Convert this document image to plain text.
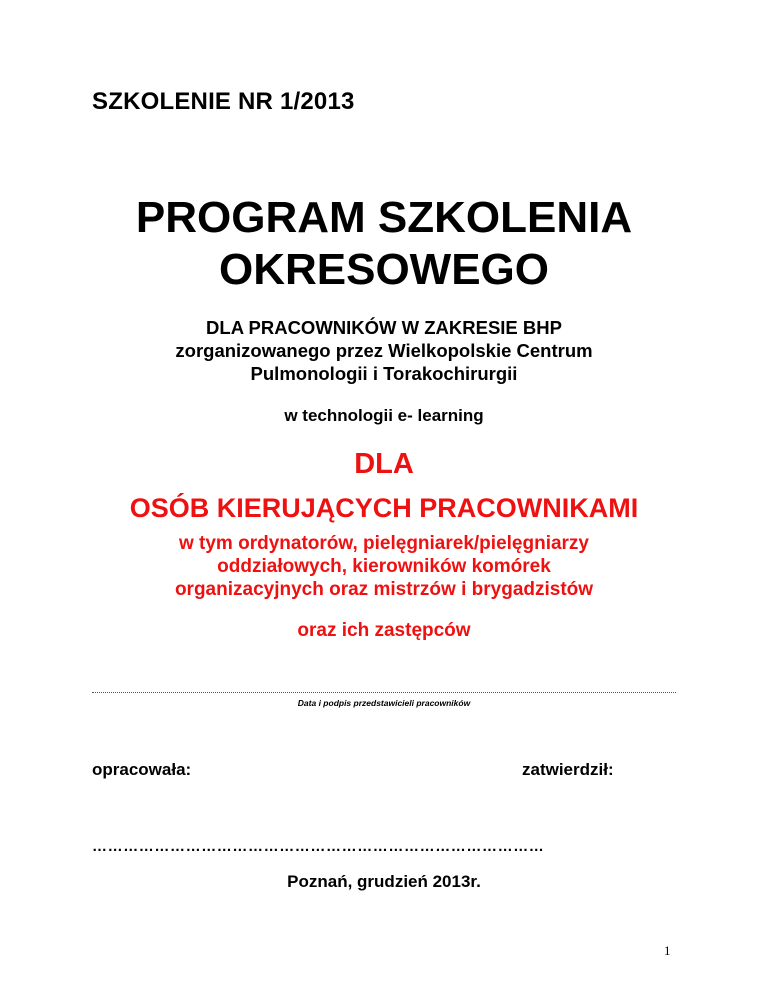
SZKOLENIE NR 1/2013
PROGRAM SZKOLENIA
OKRESOWEGO
DLA PRACOWNIKÓW W ZAKRESIE BHP
zorganizowanego przez Wielkopolskie Centrum
Pulmonologii i Torakochirurgii
w technologii e- learning
DLA
OSÓB KIERUJĄCYCH PRACOWNIKAMI
w tym ordynatorów, pielęgniarek/pielęgniarzy
oddziałowych, kierowników komórek
organizacyjnych oraz mistrzów i brygadzistów
oraz ich zastępców
Data i podpis przedstawicieli pracowników
opracowała:	zatwierdził:
……………………………………………………………………………
Poznań, grudzień 2013r.
1
